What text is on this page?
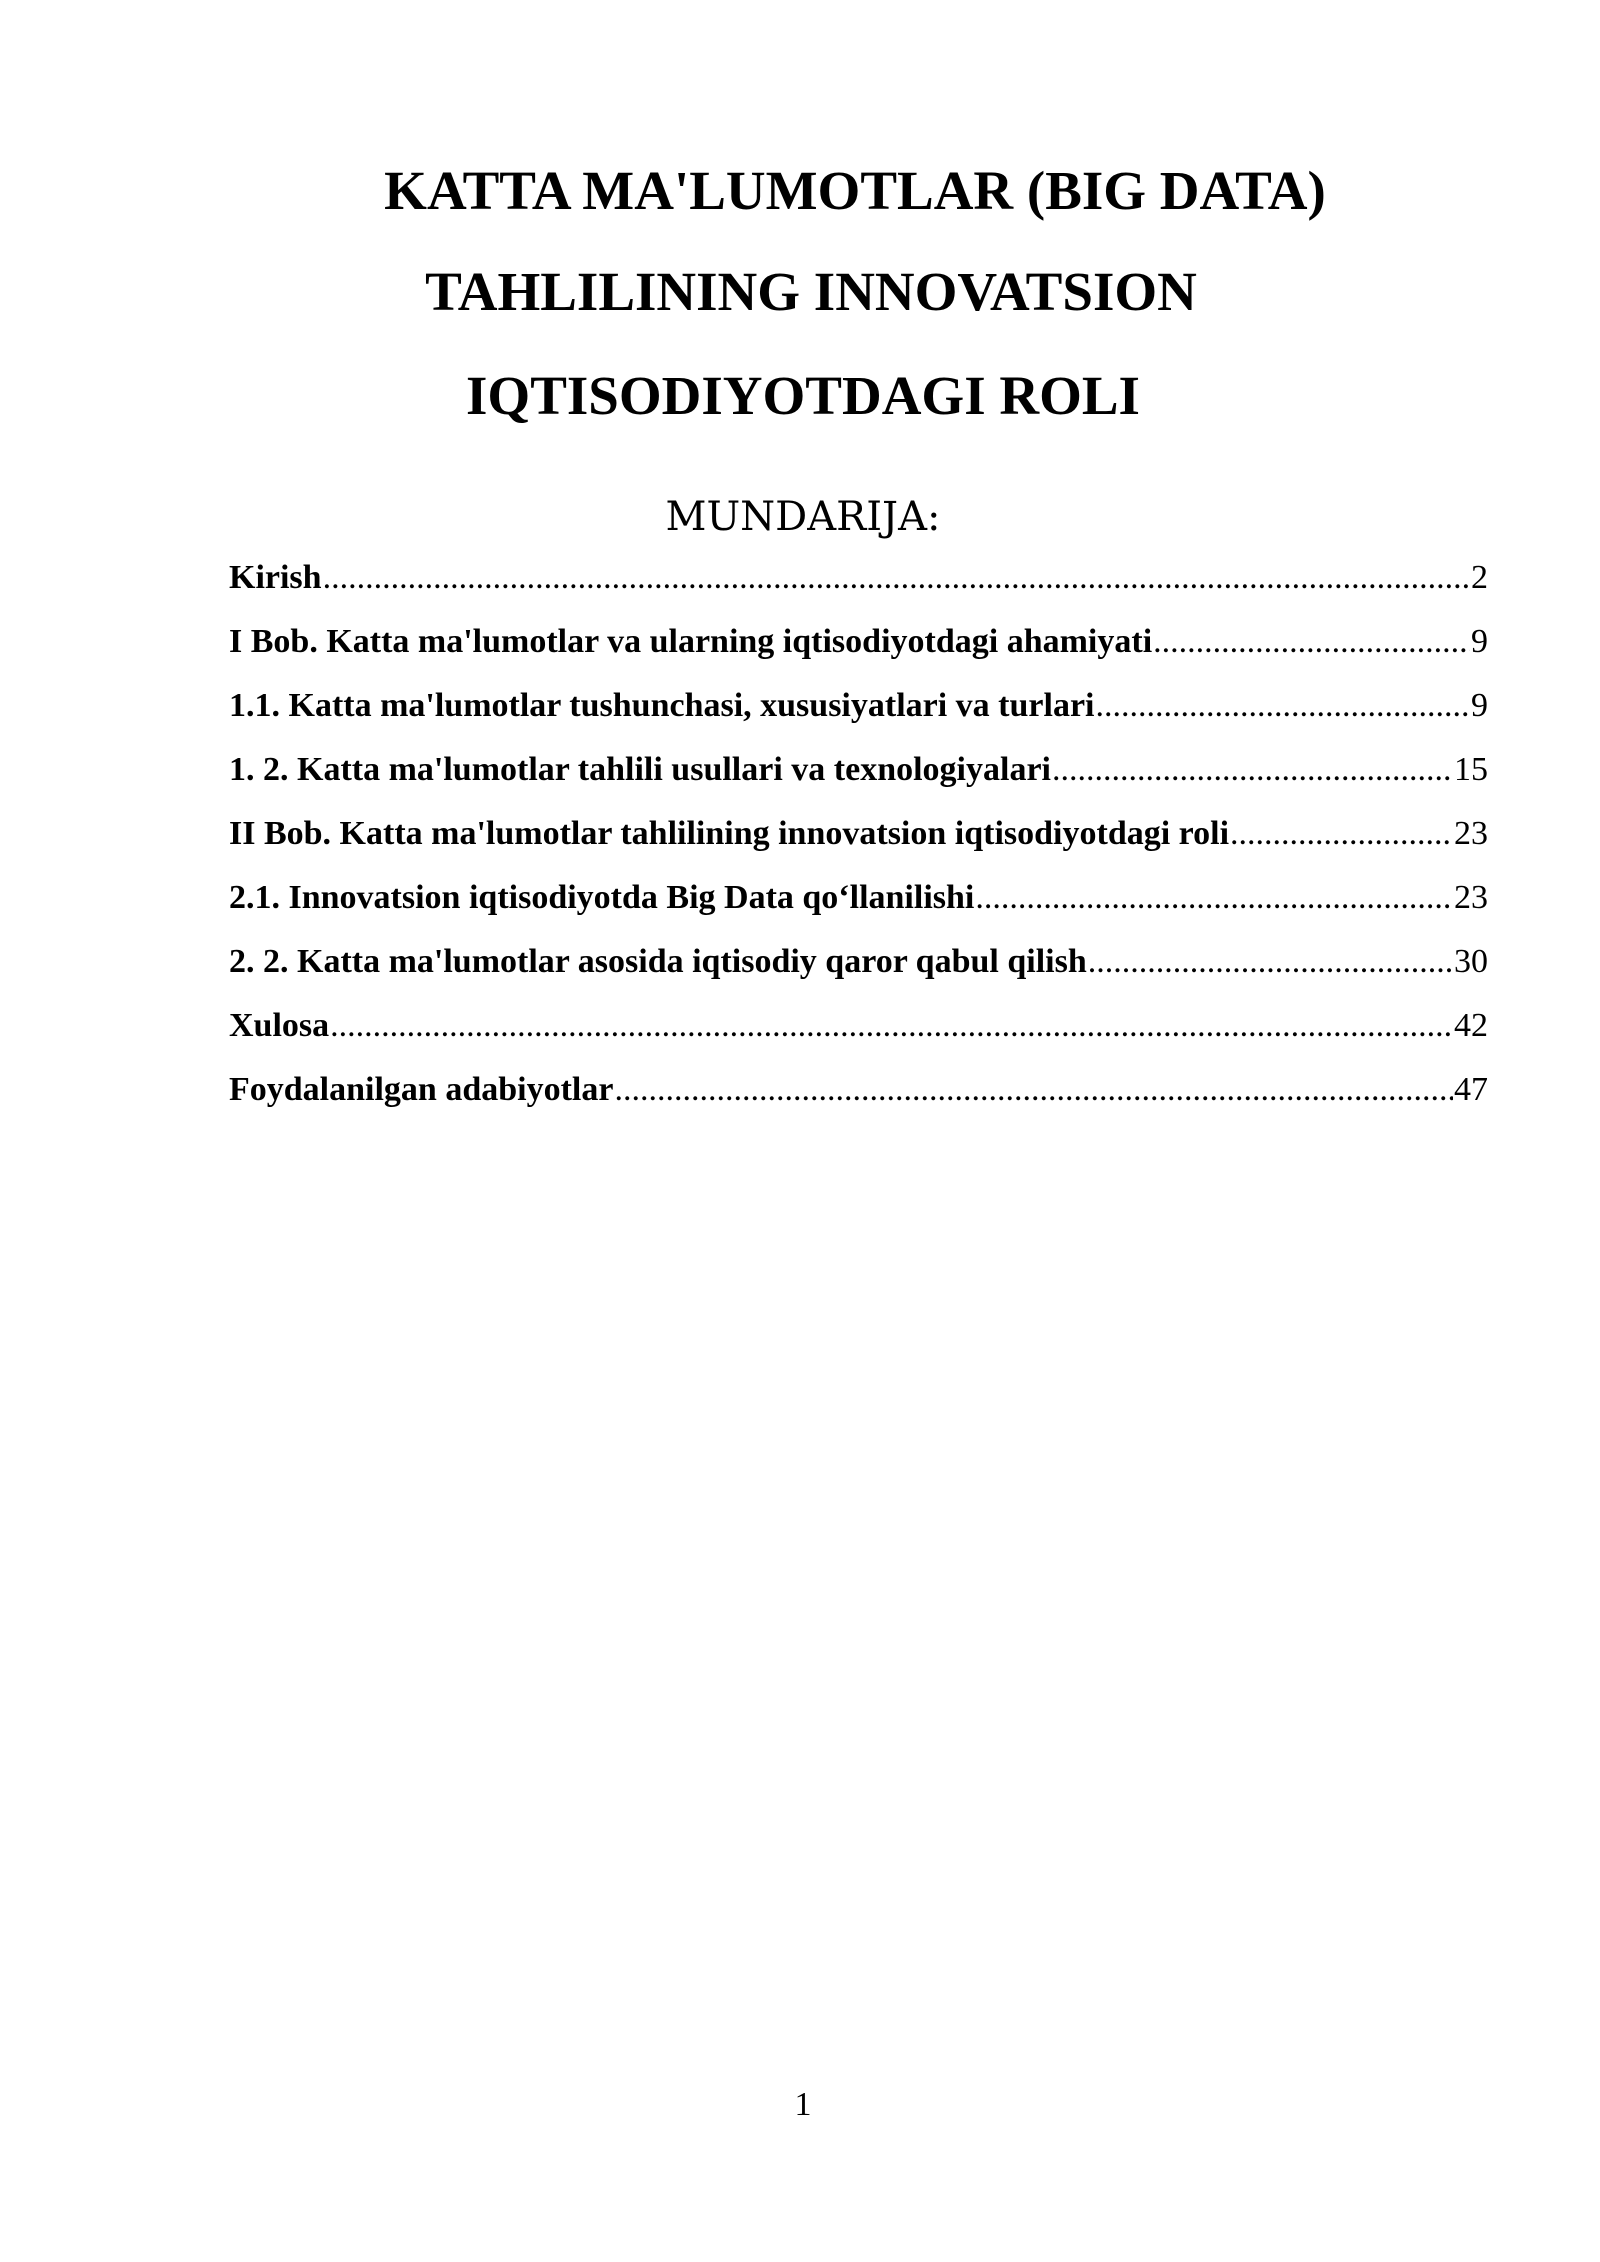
KATTA MA'LUMOTLAR (BIG DATA)
TAHLILINING INNOVATSION
IQTISODIYOTDAGI ROLI
MUNDARIJA:
Kirish .....	2
I Bob. Katta ma'lumotlar va ularning iqtisodiyotdagi ahamiyati .....	9
1.1. Katta ma'lumotlar tushunchasi, xususiyatlari va turlari .....	9
1. 2. Katta ma'lumotlar tahlili usullari va texnologiyalari .....	15
II Bob. Katta ma'lumotlar tahlilining innovatsion iqtisodiyotdagi roli .....	23
2.1. Innovatsion iqtisodiyotda Big Data qo‘llanilishi .....	23
2. 2. Katta ma'lumotlar asosida iqtisodiy qaror qabul qilish .....	30
Xulosa .....	42
Foydalanilgan adabiyotlar .....	47
1
